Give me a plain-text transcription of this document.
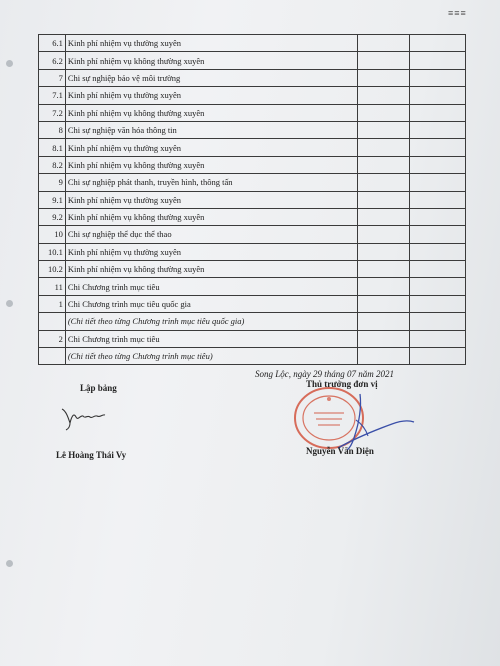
≡≡≡
6.1	Kinh phí nhiệm vụ thường xuyên		
6.2	Kinh phí nhiệm vụ không thường xuyên		
7	Chi sự nghiệp bảo vệ môi trường		
7.1	Kinh phí nhiệm vụ thường xuyên		
7.2	Kinh phí nhiệm vụ không thường xuyên		
8	Chi sự nghiệp văn hóa thông tin		
8.1	Kinh phí nhiệm vụ thường xuyên		
8.2	Kinh phí nhiệm vụ không thường xuyên		
9	Chi sự nghiệp phát thanh, truyền hình, thông tấn		
9.1	Kinh phí nhiệm vụ thường xuyên		
9.2	Kinh phí nhiệm vụ không thường xuyên		
10	Chi sự nghiệp thể dục thể thao		
10.1	Kinh phí nhiệm vụ thường xuyên		
10.2	Kinh phí nhiệm vụ không thường xuyên		
11	Chi Chương trình mục tiêu		
1	Chi Chương trình mục tiêu quốc gia		
	(Chi tiết theo từng Chương trình mục tiêu quốc gia)		
2	Chi Chương trình mục tiêu		
	(Chi tiết theo từng Chương trình mục tiêu)		
Song Lộc, ngày 29 tháng 07 năm 2021
Lập bảng	Thủ trưởng đơn vị
Lê Hoàng Thái Vy	Nguyễn Văn Diện
